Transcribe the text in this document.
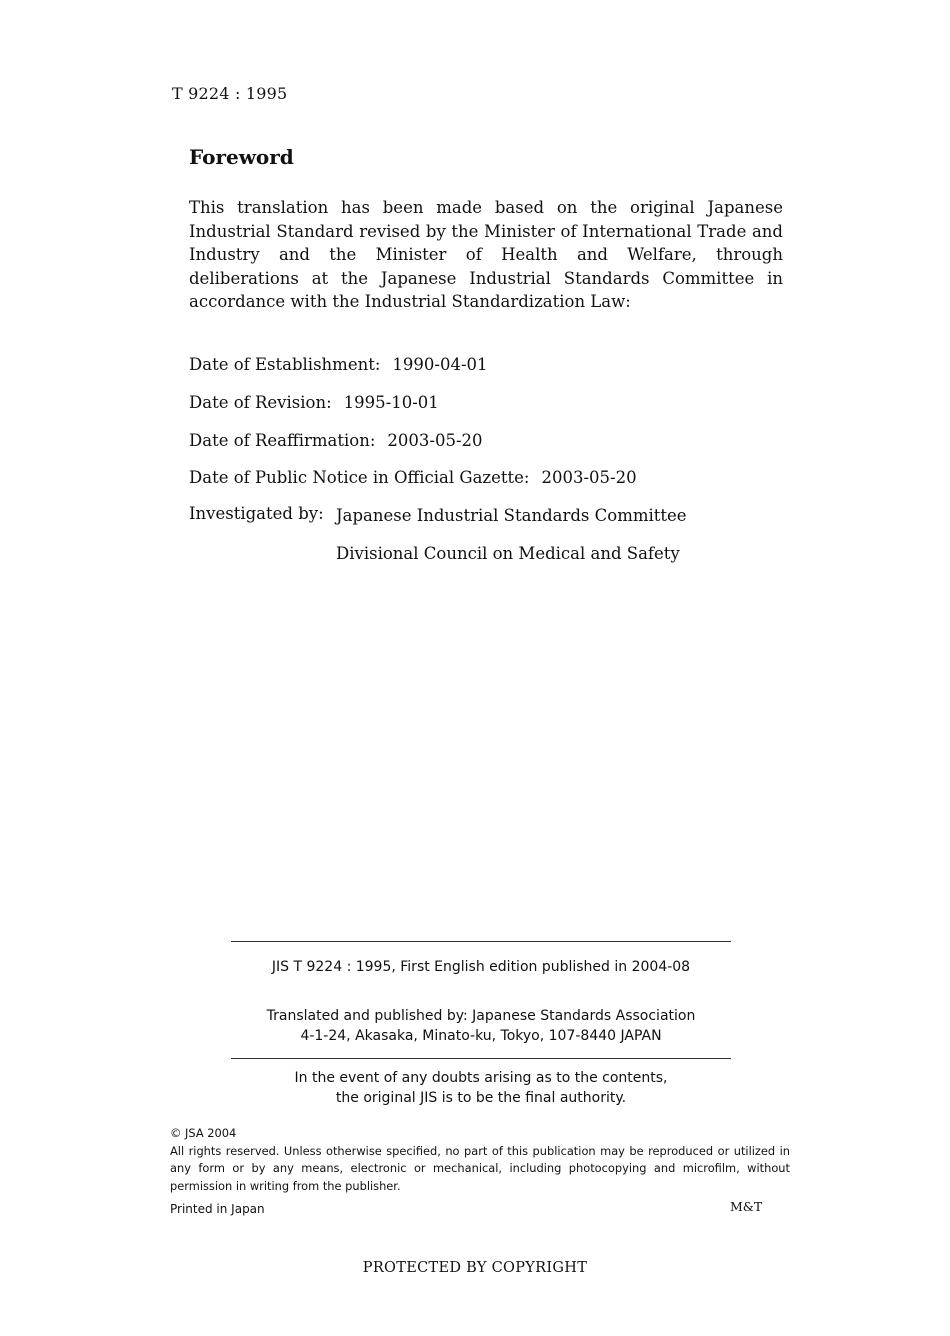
T 9224 : 1995
Foreword

This translation has been made based on the original Japanese Industrial Standard revised by the Minister of International Trade and Industry and the Minister of Health and Welfare, through deliberations at the Japanese Industrial Standards Committee in accordance with the Industrial Standardization Law:

Date of Establishment: 1990-04-01
Date of Revision: 1995-10-01
Date of Reaffirmation: 2003-05-20
Date of Public Notice in Official Gazette: 2003-05-20
Investigated by: Japanese Industrial Standards Committee
Divisional Council on Medical and Safety
JIS T 9224 : 1995, First English edition published in 2004-08
Translated and published by: Japanese Standards Association
4-1-24, Akasaka, Minato-ku, Tokyo, 107-8440 JAPAN
In the event of any doubts arising as to the contents,
the original JIS is to be the final authority.
© JSA 2004
All rights reserved. Unless otherwise specified, no part of this publication may be reproduced or utilized in any form or by any means, electronic or mechanical, including photocopying and microfilm, without permission in writing from the publisher.
Printed in Japan	M&T
PROTECTED BY COPYRIGHT
